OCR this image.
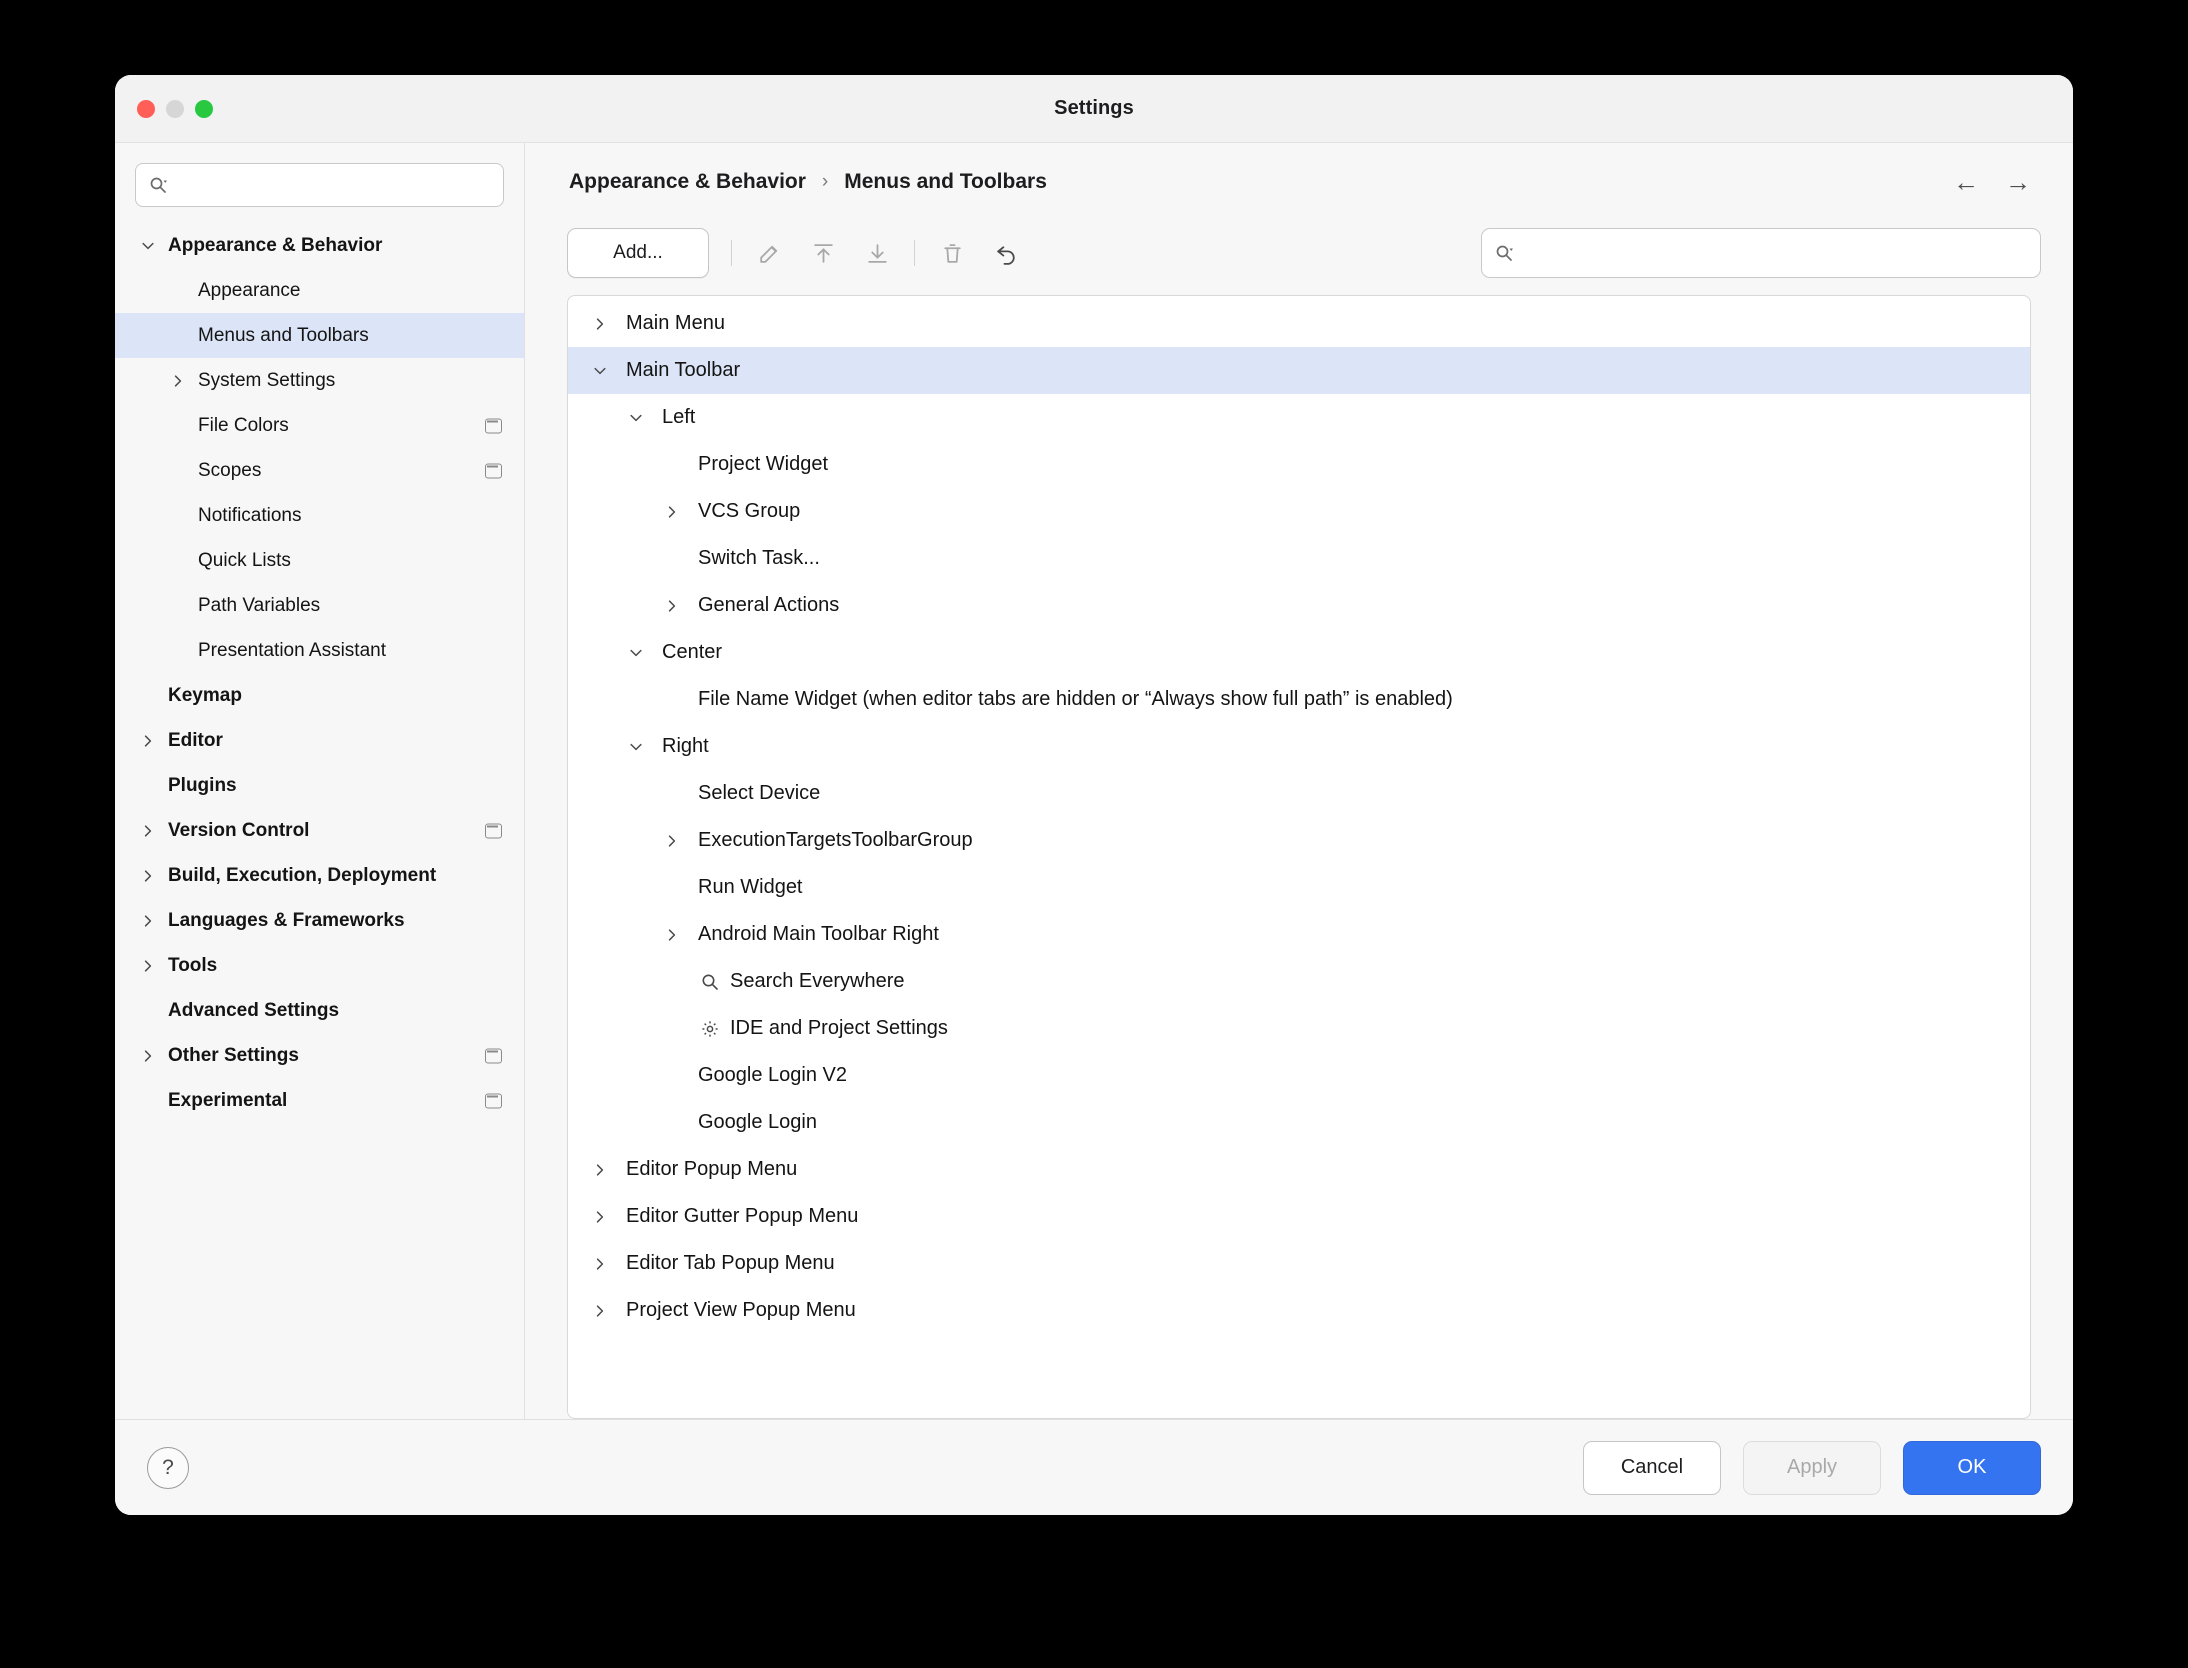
Settings
Appearance & Behavior
Appearance
Menus and Toolbars
System Settings
File Colors
Scopes
Notifications
Quick Lists
Path Variables
Presentation Assistant
Keymap
Editor
Plugins
Version Control
Build, Execution, Deployment
Languages & Frameworks
Tools
Advanced Settings
Other Settings
Experimental
Appearance & Behavior › Menus and Toolbars	← →
Add...
Main Menu
Main Toolbar
Left
Project Widget
VCS Group
Switch Task...
General Actions
Center
File Name Widget (when editor tabs are hidden or “Always show full path” is enabled)
Right
Select Device
ExecutionTargetsToolbarGroup
Run Widget
Android Main Toolbar Right
Search Everywhere
IDE and Project Settings
Google Login V2
Google Login
Editor Popup Menu
Editor Gutter Popup Menu
Editor Tab Popup Menu
Project View Popup Menu
?	Cancel	Apply	OK
